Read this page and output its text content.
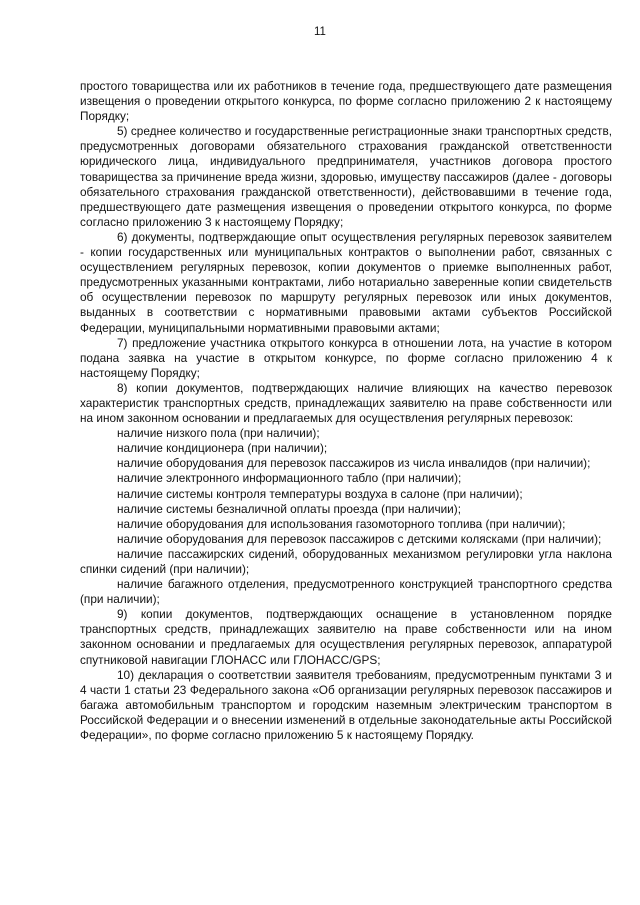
11

простого товарищества или их работников в течение года, предшествующего дате размещения извещения о проведении открытого конкурса, по форме согласно приложению 2 к настоящему Порядку;

5) среднее количество и государственные регистрационные знаки транспортных средств, предусмотренных договорами обязательного страхования гражданской ответственности юридического лица, индивидуального предпринимателя, участников договора простого товарищества за причинение вреда жизни, здоровью, имуществу пассажиров (далее - договоры обязательного страхования гражданской ответственности), действовавшими в течение года, предшествующего дате размещения извещения о проведении открытого конкурса, по форме согласно приложению 3 к настоящему Порядку;

6) документы, подтверждающие опыт осуществления регулярных перевозок заявителем - копии государственных или муниципальных контрактов о выполнении работ, связанных с осуществлением регулярных перевозок, копии документов о приемке выполненных работ, предусмотренных указанными контрактами, либо нотариально заверенные копии свидетельств об осуществлении перевозок по маршруту регулярных перевозок или иных документов, выданных в соответствии с нормативными правовыми актами субъектов Российской Федерации, муниципальными нормативными правовыми актами;

7) предложение участника открытого конкурса в отношении лота, на участие в котором подана заявка на участие в открытом конкурсе, по форме согласно приложению 4 к настоящему Порядку;

8) копии документов, подтверждающих наличие влияющих на качество перевозок характеристик транспортных средств, принадлежащих заявителю на праве собственности или на ином законном основании и предлагаемых для осуществления регулярных перевозок:

наличие низкого пола (при наличии);

наличие кондиционера (при наличии);

наличие оборудования для перевозок пассажиров из числа инвалидов (при наличии);

наличие электронного информационного табло (при наличии);

наличие системы контроля температуры воздуха в салоне (при наличии);

наличие системы безналичной оплаты проезда (при наличии);

наличие оборудования для использования газомоторного топлива (при наличии);

наличие оборудования для перевозок пассажиров с детскими колясками (при наличии);

наличие пассажирских сидений, оборудованных механизмом регулировки угла наклона спинки сидений (при наличии);

наличие багажного отделения, предусмотренного конструкцией транспортного средства (при наличии);

9) копии документов, подтверждающих оснащение в установленном порядке транспортных средств, принадлежащих заявителю на праве собственности или на ином законном основании и предлагаемых для осуществления регулярных перевозок, аппаратурой спутниковой навигации ГЛОНАСС или ГЛОНАСС/GPS;

10) декларация о соответствии заявителя требованиям, предусмотренным пунктами 3 и 4 части 1 статьи 23 Федерального закона «Об организации регулярных перевозок пассажиров и багажа автомобильным транспортом и городским наземным электрическим транспортом в Российской Федерации и о внесении изменений в отдельные законодательные акты Российской Федерации», по форме согласно приложению 5 к настоящему Порядку.
